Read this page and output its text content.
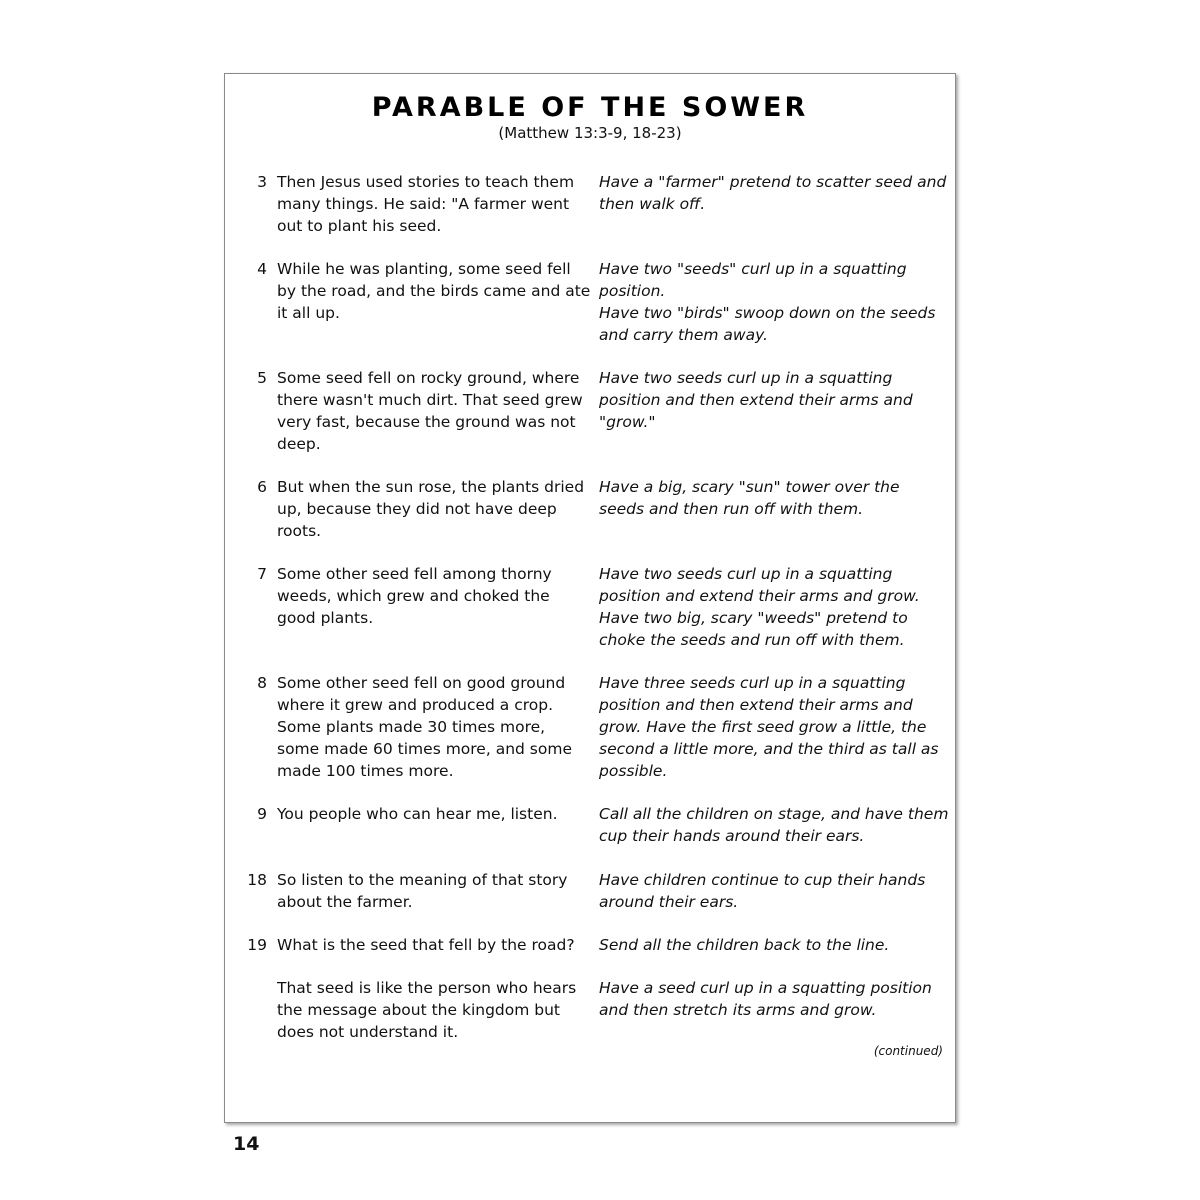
PARABLE OF THE SOWER
(Matthew 13:3-9, 18-23)
3 Then Jesus used stories to teach them many things. He said: "A farmer went out to plant his seed.
Have a "farmer" pretend to scatter seed and then walk off.
4 While he was planting, some seed fell by the road, and the birds came and ate it all up.
Have two "seeds" curl up in a squatting position.
Have two "birds" swoop down on the seeds and carry them away.
5 Some seed fell on rocky ground, where there wasn't much dirt. That seed grew very fast, because the ground was not deep.
Have two seeds curl up in a squatting position and then extend their arms and "grow."
6 But when the sun rose, the plants dried up, because they did not have deep roots.
Have a big, scary "sun" tower over the seeds and then run off with them.
7 Some other seed fell among thorny weeds, which grew and choked the good plants.
Have two seeds curl up in a squatting position and extend their arms and grow. Have two big, scary "weeds" pretend to choke the seeds and run off with them.
8 Some other seed fell on good ground where it grew and produced a crop. Some plants made 30 times more, some made 60 times more, and some made 100 times more.
Have three seeds curl up in a squatting position and then extend their arms and grow. Have the first seed grow a little, the second a little more, and the third as tall as possible.
9 You people who can hear me, listen.	Call all the children on stage, and have them cup their hands around their ears.
18 So listen to the meaning of that story about the farmer.
Have children continue to cup their hands around their ears.
19 What is the seed that fell by the road?	Send all the children back to the line.
That seed is like the person who hears the message about the kingdom but does not understand it.
Have a seed curl up in a squatting position and then stretch its arms and grow.
(continued)
14
